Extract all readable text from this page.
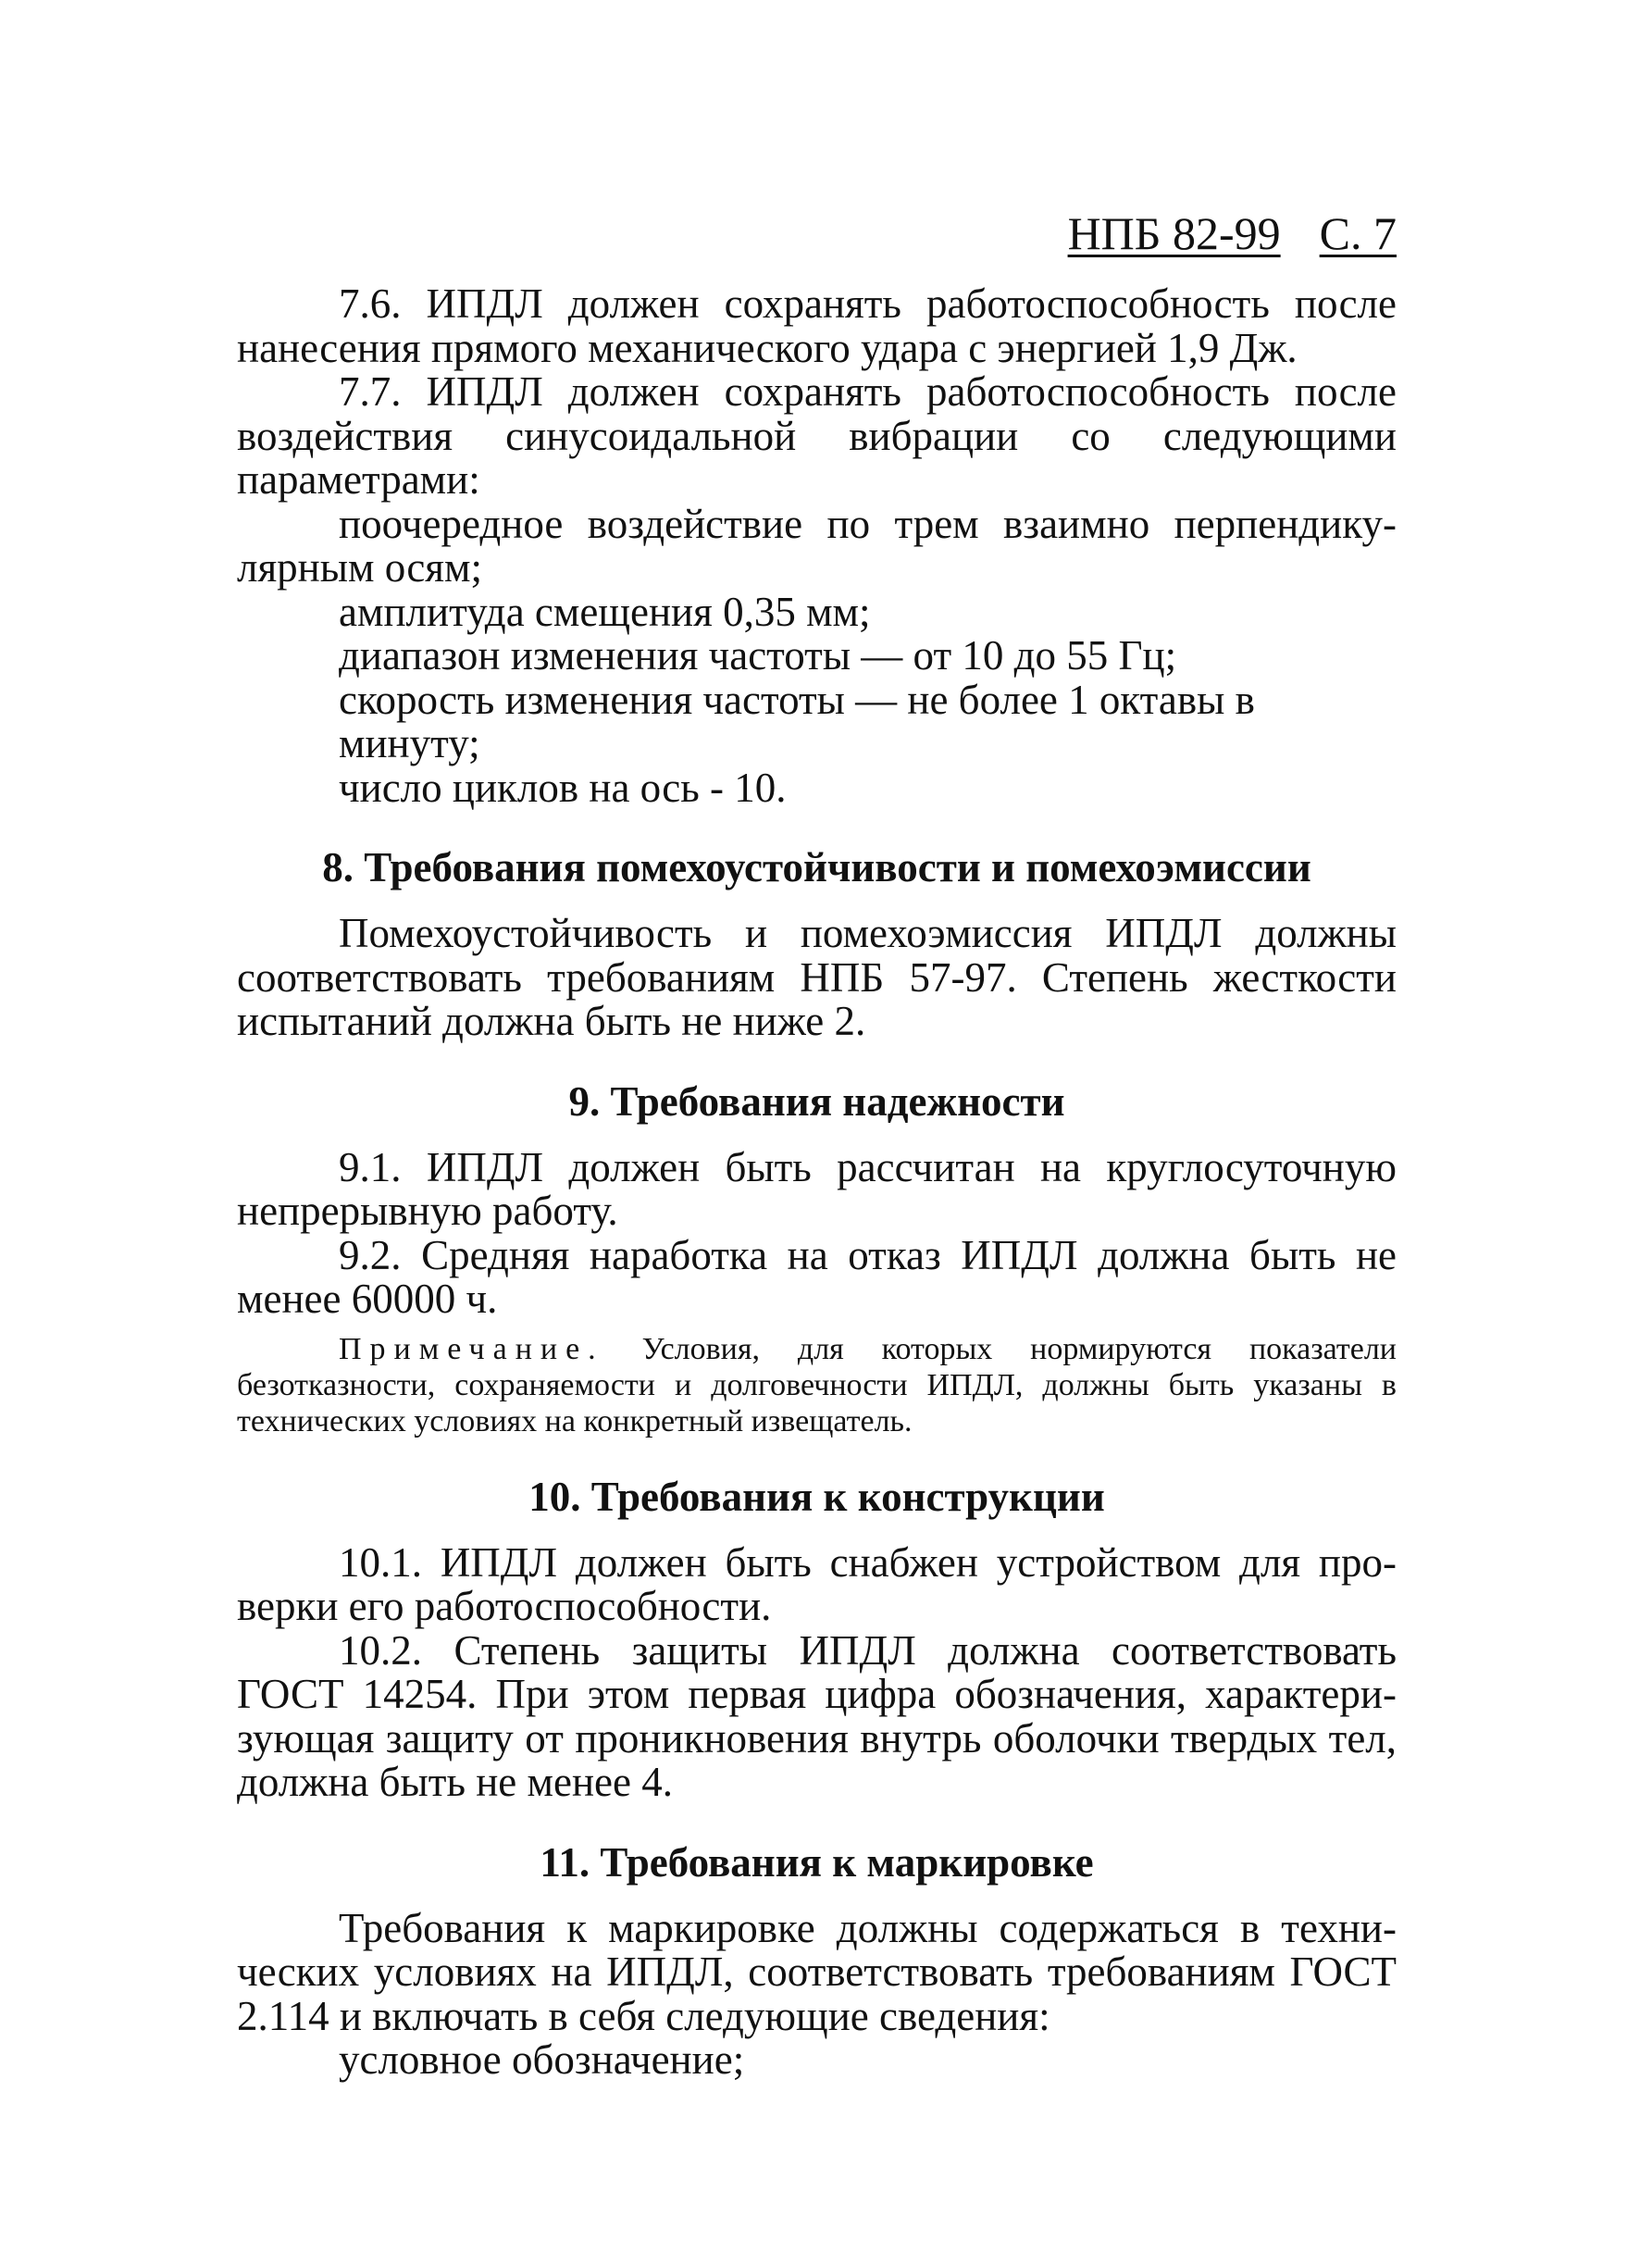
НПБ 82-99 С. 7

7.6. ИПДЛ должен сохранять работоспособность после нанесения прямого механического удара с энергией 1,9 Дж.

7.7. ИПДЛ должен сохранять работоспособность после воздействия синусоидальной вибрации со следующими параметрами:

поочередное воздействие по трем взаимно перпендикулярным осям;

амплитуда смещения 0,35 мм;

диапазон изменения частоты — от 10 до 55 Гц;

скорость изменения частоты — не более 1 октавы в минуту;

число циклов на ось - 10.

8. Требования помехоустойчивости и помехоэмиссии

Помехоустойчивость и помехоэмиссия ИПДЛ должны соответствовать требованиям НПБ 57-97. Степень жесткости испытаний должна быть не ниже 2.

9. Требования надежности

9.1. ИПДЛ должен быть рассчитан на круглосуточную непрерывную работу.

9.2. Средняя наработка на отказ ИПДЛ должна быть не менее 60000 ч.

Примечание. Условия, для которых нормируются показатели безотказности, сохраняемости и долговечности ИПДЛ, должны быть указаны в технических условиях на конкретный извещатель.
10. Требования к конструкции

10.1. ИПДЛ должен быть снабжен устройством для проверки его работоспособности.

10.2. Степень защиты ИПДЛ должна соответствовать ГОСТ 14254. При этом первая цифра обозначения, характеризующая защиту от проникновения внутрь оболочки твердых тел, должна быть не менее 4.

11. Требования к маркировке

Требования к маркировке должны содержаться в технических условиях на ИПДЛ, соответствовать требованиям ГОСТ 2.114 и включать в себя следующие сведения:

условное обозначение;
